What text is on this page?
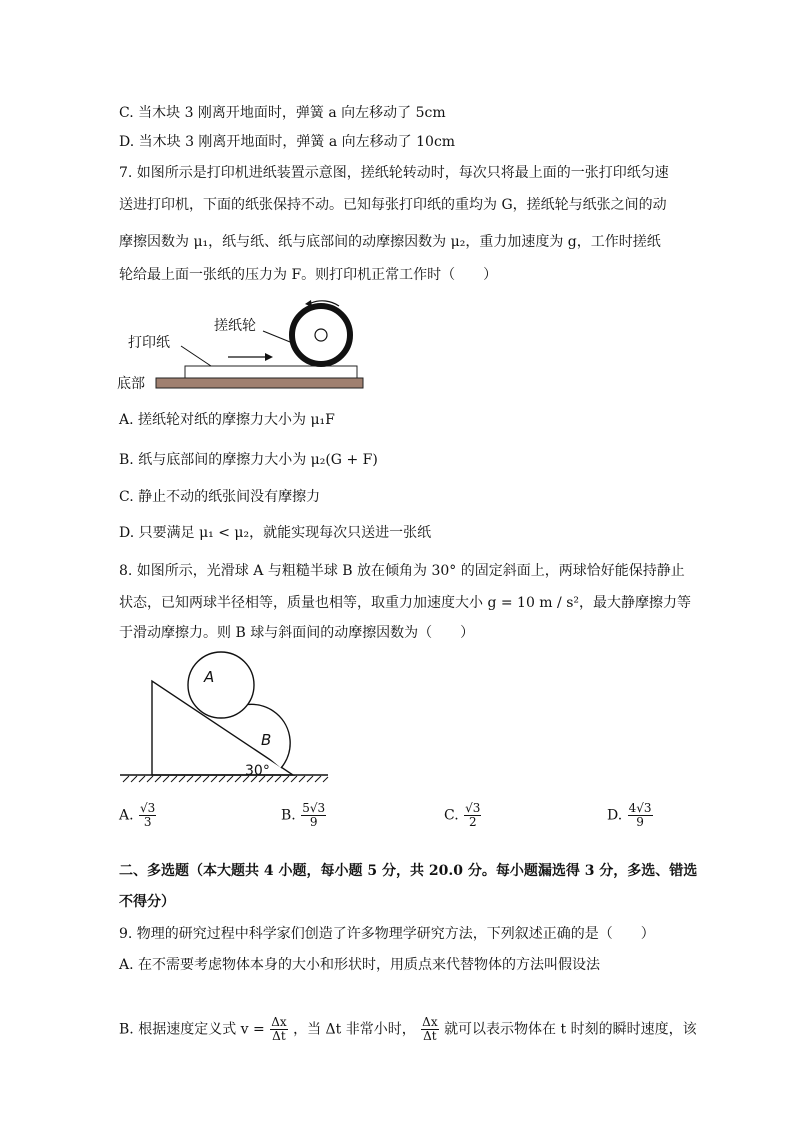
C. 当木块 3 刚离开地面时，弹簧 a 向左移动了 5cm
D. 当木块 3 刚离开地面时，弹簧 a 向左移动了 10cm
7. 如图所示是打印机进纸装置示意图，搓纸轮转动时，每次只将最上面的一张打印纸匀速
送进打印机，下面的纸张保持不动。已知每张打印纸的重均为 G，搓纸轮与纸张之间的动
摩擦因数为 μ₁，纸与纸、纸与底部间的动摩擦因数为 μ₂，重力加速度为 g，工作时搓纸
轮给最上面一张纸的压力为 F。则打印机正常工作时（　　）
搓纸轮
打印纸
底部
A. 搓纸轮对纸的摩擦力大小为 μ₁F
B. 纸与底部间的摩擦力大小为 μ₂(G + F)
C. 静止不动的纸张间没有摩擦力
D. 只要满足 μ₁ < μ₂，就能实现每次只送进一张纸
8. 如图所示，光滑球 A 与粗糙半球 B 放在倾角为 30° 的固定斜面上，两球恰好能保持静止
状态，已知两球半径相等，质量也相等，取重力加速度大小 g = 10 m / s²，最大静摩擦力等
于滑动摩擦力。则 B 球与斜面间的动摩擦因数为（　　）
A
B
30°
A. $\frac{√3}{3}$	B. $\frac{5√3}{9}$	C. $\frac{√3}{2}$	D. $\frac{4√3}{9}$
二、多选题（本大题共 4 小题，每小题 5 分，共 20.0 分。每小题漏选得 3 分，多选、错选
不得分）
9. 物理的研究过程中科学家们创造了许多物理学研究方法，下列叙述正确的是（　　）
A. 在不需要考虑物体本身的大小和形状时，用质点来代替物体的方法叫假设法
B. 根据速度定义式 $v = \frac{\Delta x}{\Delta t}$ ，当 Δt 非常小时， $\frac{\Delta x}{\Delta t}$ 就可以表示物体在 t 时刻的瞬时速度，该
